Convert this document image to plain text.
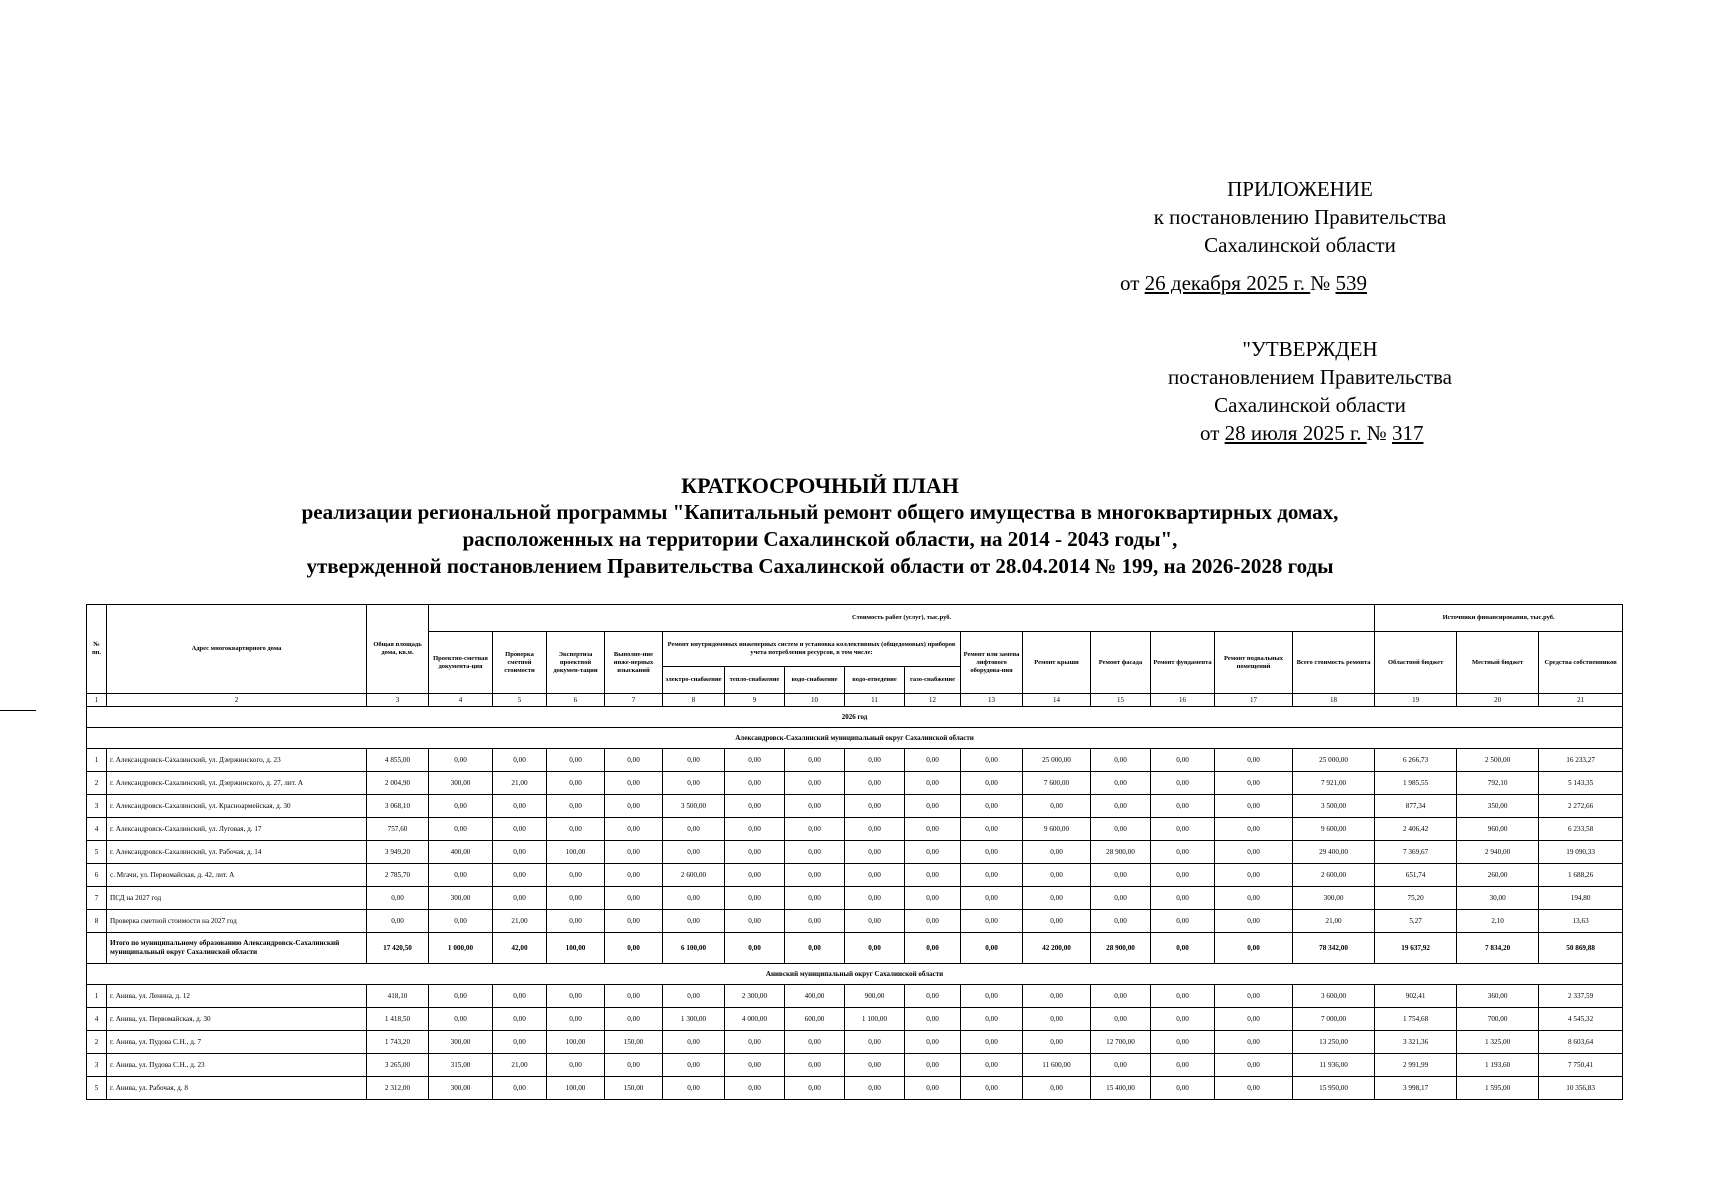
ПРИЛОЖЕНИЕ
к постановлению Правительства
Сахалинской области
от 26 декабря 2025 г. № 539
"УТВЕРЖДЕН
постановлением Правительства
Сахалинской области
от 28 июля 2025 г. № 317
КРАТКОСРОЧНЫЙ ПЛАН
реализации региональной программы "Капитальный ремонт общего имущества в многоквартирных домах,
расположенных на территории Сахалинской области, на 2014 - 2043 годы",
утвержденной постановлением Правительства Сахалинской области от 28.04.2014 № 199, на 2026-2028 годы
№ пп.	Адрес многоквартирного дома	Общая площадь дома, кв.м.	Стоимость работ (услуг), тыс.руб.															Источники финансирования, тыс.руб.		
			Проектно-сметная документа-ция	Проверка сметной стоимости	Экспертиза проектной докумен-тации	Выполне-ние инже-нерных изысканий	Ремонт внутридомовых инженерных систем и установка коллективных (общедомовых) приборов учета потребления ресурсов, в том числе:					Ремонт или замена лифтового оборудова-ния	Ремонт крыши	Ремонт фасада	Ремонт фундамента	Ремонт подвальных помещений	Всего стоимость ремонта	Областной бюджет	Местный бюджет	Средства собственников
							электро-снабжение	тепло-снабжение	водо-снабжение	водо-отведение	газо-снабжение									
1	2	3	4	5	6	7	8	9	10	11	12	13	14	15	16	17	18	19	20	21
2026 год																				
Александровск-Сахалинский муниципальный округ Сахалинской области																				
1	г. Александровск-Сахалинский, ул. Дзержинского, д. 23	4 855,00	0,00	0,00	0,00	0,00	0,00	0,00	0,00	0,00	0,00	0,00	25 000,00	0,00	0,00	0,00	25 000,00	6 266,73	2 500,00	16 233,27
2	г. Александровск-Сахалинский, ул. Дзержинского, д. 27, лит. А	2 004,90	300,00	21,00	0,00	0,00	0,00	0,00	0,00	0,00	0,00	0,00	7 600,00	0,00	0,00	0,00	7 921,00	1 985,55	792,10	5 143,35
3	г. Александровск-Сахалинский, ул. Красноармейская, д. 30	3 068,10	0,00	0,00	0,00	0,00	3 500,00	0,00	0,00	0,00	0,00	0,00	0,00	0,00	0,00	0,00	3 500,00	877,34	350,00	2 272,66
4	г. Александровск-Сахалинский, ул. Луговая, д. 17	757,60	0,00	0,00	0,00	0,00	0,00	0,00	0,00	0,00	0,00	0,00	9 600,00	0,00	0,00	0,00	9 600,00	2 406,42	960,00	6 233,58
5	г. Александровск-Сахалинский, ул. Рабочая, д. 14	3 949,20	400,00	0,00	100,00	0,00	0,00	0,00	0,00	0,00	0,00	0,00	0,00	28 900,00	0,00	0,00	29 400,00	7 369,67	2 940,00	19 090,33
6	с. Мгачи, ул. Первомайская, д. 42, лит. А	2 785,70	0,00	0,00	0,00	0,00	2 600,00	0,00	0,00	0,00	0,00	0,00	0,00	0,00	0,00	0,00	2 600,00	651,74	260,00	1 688,26
7	ПСД на 2027 год	0,00	300,00	0,00	0,00	0,00	0,00	0,00	0,00	0,00	0,00	0,00	0,00	0,00	0,00	0,00	300,00	75,20	30,00	194,80
8	Проверка сметной стоимости на 2027 год	0,00	0,00	21,00	0,00	0,00	0,00	0,00	0,00	0,00	0,00	0,00	0,00	0,00	0,00	0,00	21,00	5,27	2,10	13,63
	Итого по муниципальному образованию Александровск-Сахалинский муниципальный округ Сахалинской области	17 420,50	1 000,00	42,00	100,00	0,00	6 100,00	0,00	0,00	0,00	0,00	0,00	42 200,00	28 900,00	0,00	0,00	78 342,00	19 637,92	7 834,20	50 869,88
Анивский муниципальный округ Сахалинской области																				
1	г. Анива, ул. Ленина, д. 12	418,10	0,00	0,00	0,00	0,00	0,00	2 300,00	400,00	900,00	0,00	0,00	0,00	0,00	0,00	0,00	3 600,00	902,41	360,00	2 337,59
4	г. Анива, ул. Первомайская, д. 30	1 418,50	0,00	0,00	0,00	0,00	1 300,00	4 000,00	600,00	1 100,00	0,00	0,00	0,00	0,00	0,00	0,00	7 000,00	1 754,68	700,00	4 545,32
2	г. Анива, ул. Пудова С.Н., д. 7	1 743,20	300,00	0,00	100,00	150,00	0,00	0,00	0,00	0,00	0,00	0,00	0,00	12 700,00	0,00	0,00	13 250,00	3 321,36	1 325,00	8 603,64
3	г. Анива, ул. Пудова С.Н., д. 23	3 265,00	315,00	21,00	0,00	0,00	0,00	0,00	0,00	0,00	0,00	0,00	11 600,00	0,00	0,00	0,00	11 936,00	2 991,99	1 193,60	7 750,41
5	г. Анива, ул. Рабочая, д. 8	2 312,00	300,00	0,00	100,00	150,00	0,00	0,00	0,00	0,00	0,00	0,00	0,00	15 400,00	0,00	0,00	15 950,00	3 998,17	1 595,00	10 356,83
